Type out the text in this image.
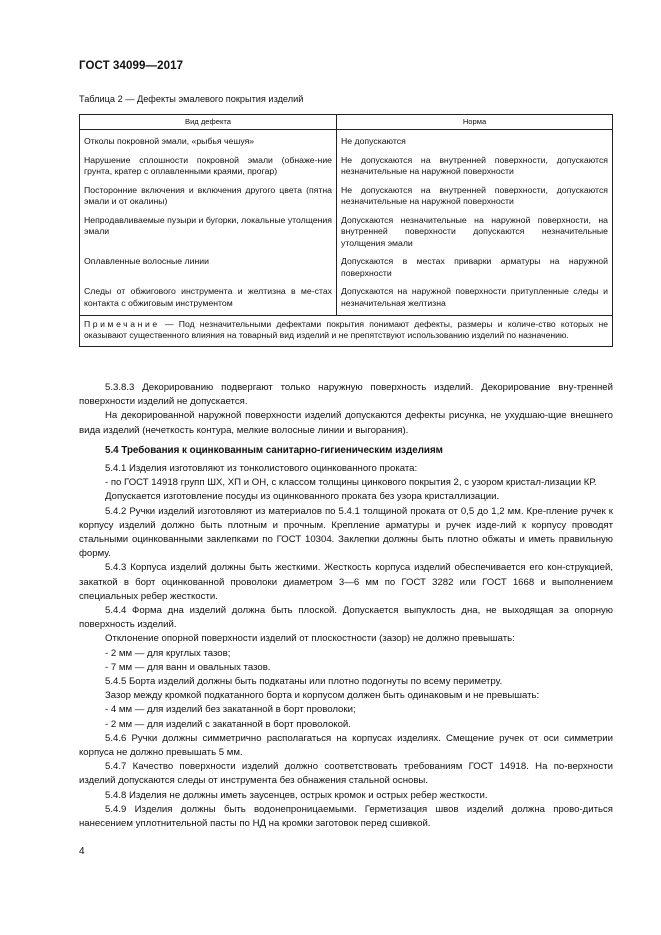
ГОСТ 34099—2017
Таблица 2 — Дефекты эмалевого покрытия изделий
Вид дефекта	Норма
Отколы покровной эмали, «рыбья чешуя»	Не допускаются
Нарушение сплошности покровной эмали (обнаже-ние грунта, кратер с оплавленными краями, прогар)	Не допускаются на внутренней поверхности, допускаются незначительные на наружной поверхности
Посторонние включения и включения другого цвета (пятна эмали и от окалины)	Не допускаются на внутренней поверхности, допускаются незначительные на наружной поверхности
Непродавливаемые пузыри и бугорки, локальные утолщения эмали	Допускаются незначительные на наружной поверхности, на внутренней поверхности допускаются незначительные утолщения эмали
Оплавленные волосные линии	Допускаются в местах приварки арматуры на наружной поверхности
Следы от обжигового инструмента и желтизна в ме-стах контакта с обжиговым инструментом	Допускаются на наружной поверхности притупленные следы и незначительная желтизна
Примечание — Под незначительными дефектами покрытия понимают дефекты, размеры и количе-ство которых не оказывают существенного влияния на товарный вид изделий и не препятствуют использованию изделий по назначению.	

5.3.8.3 Декорированию подвергают только наружную поверхность изделий. Декорирование вну-тренней поверхности изделий не допускается.

На декорированной наружной поверхности изделий допускаются дефекты рисунка, не ухудшаю-щие внешнего вида изделий (нечеткость контура, мелкие волосные линии и выгорания).

5.4 Требования к оцинкованным санитарно-гигиеническим изделиям

5.4.1 Изделия изготовляют из тонколистового оцинкованного проката:

- по ГОСТ 14918 групп ШХ, ХП и ОН, с классом толщины цинкового покрытия 2, с узором кристал-лизации КР.

Допускается изготовление посуды из оцинкованного проката без узора кристаллизации.

5.4.2 Ручки изделий изготовляют из материалов по 5.4.1 толщиной проката от 0,5 до 1,2 мм. Кре-пление ручек к корпусу изделий должно быть плотным и прочным. Крепление арматуры и ручек изде-лий к корпусу проводят стальными оцинкованными заклепками по ГОСТ 10304. Заклепки должны быть плотно обжаты и иметь правильную форму.

5.4.3 Корпуса изделий должны быть жесткими. Жесткость корпуса изделий обеспечивается его кон-струкцией, закаткой в борт оцинкованной проволоки диаметром 3—6 мм по ГОСТ 3282 или ГОСТ 1668 и выполнением специальных ребер жесткости.

5.4.4 Форма дна изделий должна быть плоской. Допускается выпуклость дна, не выходящая за опорную поверхность изделий.

Отклонение опорной поверхности изделий от плоскостности (зазор) не должно превышать:

- 2 мм — для круглых тазов;

- 7 мм — для ванн и овальных тазов.

5.4.5 Борта изделий должны быть подкатаны или плотно подогнуты по всему периметру.

Зазор между кромкой подкатанного борта и корпусом должен быть одинаковым и не превышать:

- 4 мм — для изделий без закатанной в борт проволоки;

- 2 мм — для изделий с закатанной в борт проволокой.

5.4.6 Ручки должны симметрично располагаться на корпусах изделиях. Смещение ручек от оси симметрии корпуса не должно превышать 5 мм.

5.4.7 Качество поверхности изделий должно соответствовать требованиям ГОСТ 14918. На по-верхности изделий допускаются следы от инструмента без обнажения стальной основы.

5.4.8 Изделия не должны иметь заусенцев, острых кромок и острых ребер жесткости.

5.4.9 Изделия должны быть водонепроницаемыми. Герметизация швов изделий должна прово-диться нанесением уплотнительной пасты по НД на кромки заготовок перед сшивкой.

4
